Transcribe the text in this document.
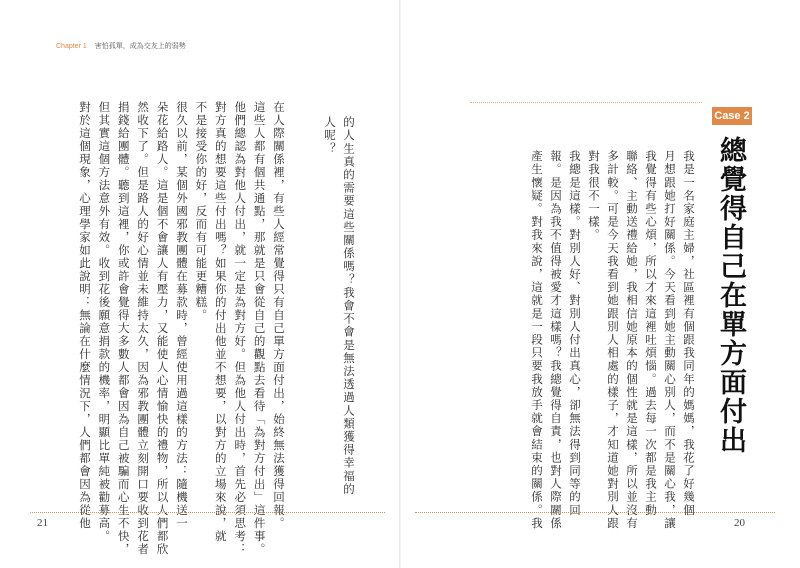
Chapter 1 害怕孤單，成為交友上的弱勢
Case 2
總覺得自己在單方面付出
我是一名家庭主婦，社區裡有個跟我同年的媽媽，我花了好幾個
月想跟她打好關係。今天看到她主動關心別人，而不是關心我，讓
我覺得有些心煩，所以才來這裡吐煩惱。過去每一次都是我主動
聯絡、主動送禮給她，我相信她原本的個性就是這樣，所以並沒有
多計較。可是今天我看到她跟別人相處的樣子，才知道她對別人跟
對我很不一樣。
我總是這樣。對別人好、對別人付出真心，卻無法得到同等的回
報。是因為我不值得被愛才這樣嗎？我總覺得自責，也對人際關係
產生懷疑。對我來說，這就是一段只要我放手就會結束的關係。我
的人生真的需要這些關係嗎？我會不會是無法透過人類獲得幸福的
人呢？
在人際關係裡，有些人經常覺得只有自己單方面付出，始終無法獲得回報。
這些人都有個共通點，那就是只會從自己的觀點去看待「為對方付出」這件事。
他們總認為對他人付出，就一定是為對方好。但為他人付出時，首先必須思考：
對方真的想要這些付出嗎？如果你的付出他並不想要，以對方的立場來說，就
不是接受你的好，反而有可能更糟糕。
很久以前，某個外國邪教團體在募款時，曾經使用過這樣的方法：隨機送一
朵花給路人。這是個不會讓人有壓力，又能使人心情愉快的禮物，所以人們都欣
然收下了。但是路人的好心情並未維持太久，因為邪教團體立刻開口要收到花者
捐錢給團體。聽到這裡，你或許會覺得大多數人都會因為自己被騙而心生不快，
但其實這個方法意外有效。收到花後願意捐款的機率，明顯比單純被勸募高。
對於這個現象，心理學家如此說明：無論在什麼情況下，人們都會因為從他
21	20
